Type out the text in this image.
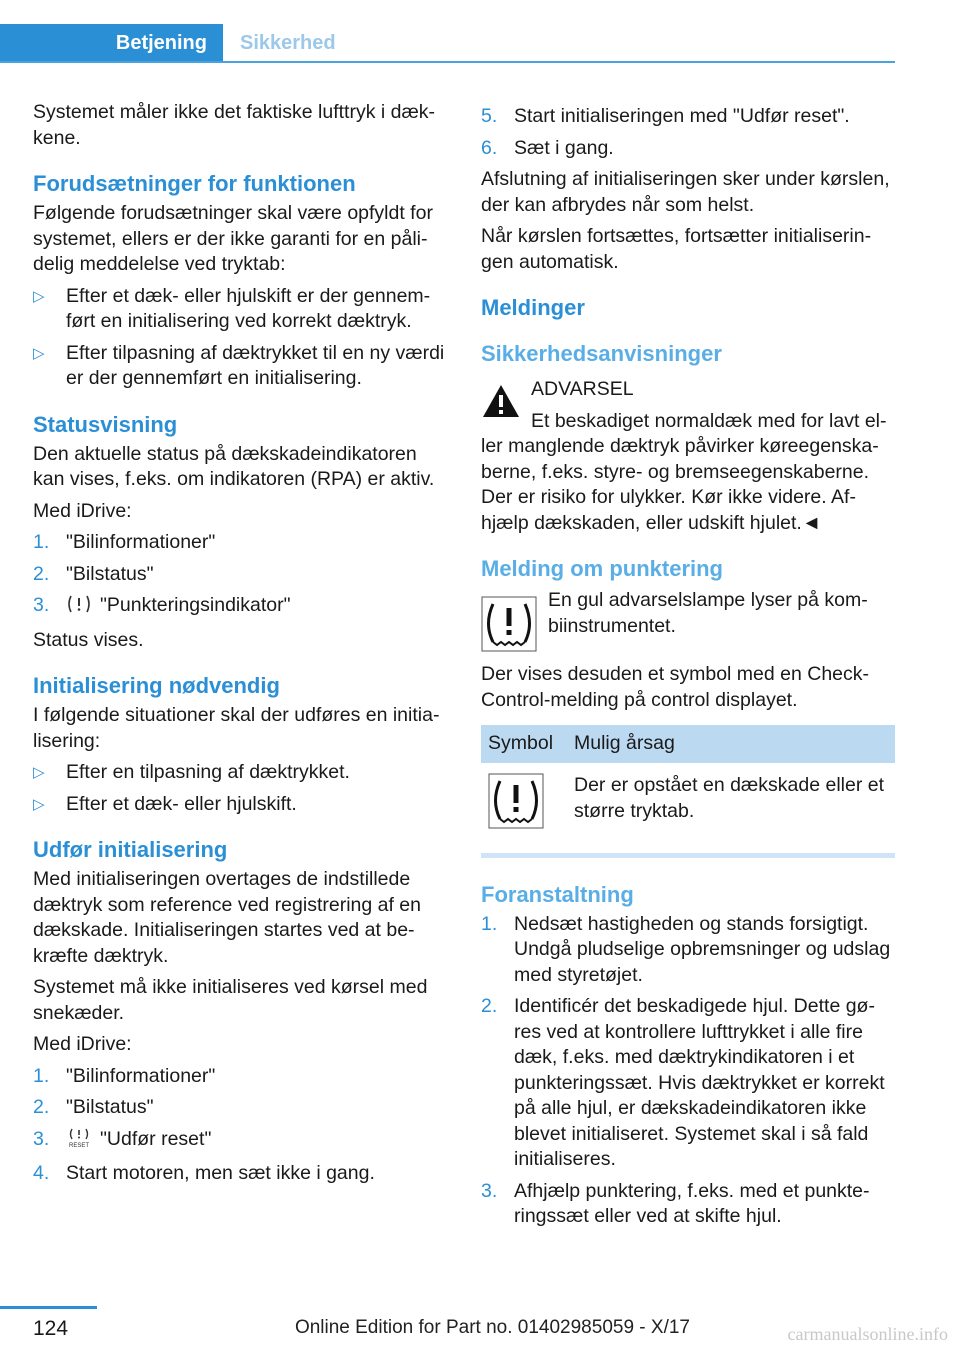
Betjening	Sikkerhed

Systemet måler ikke det faktiske lufttryk i dækkene.

Forudsætninger for funktionen

Følgende forudsætninger skal være opfyldt for systemet, ellers er der ikke garanti for en pålidelig meddelelse ved tryktab:

▷ Efter et dæk- eller hjulskift er der gennemført en initialisering ved korrekt dæktryk.
▷ Efter tilpasning af dæktrykket til en ny værdi er der gennemført en initialisering.
Statusvisning

Den aktuelle status på dækskadeindikatoren kan vises, f.eks. om indikatoren (RPA) er aktiv.

Med iDrive:

1. "Bilinformationer"
2. "Bilstatus"
3.	"Punkteringsindikator"

Status vises.

Initialisering nødvendig

I følgende situationer skal der udføres en initialisering:

▷ Efter en tilpasning af dæktrykket.
▷ Efter et dæk- eller hjulskift.
Udfør initialisering

Med initialiseringen overtages de indstillede dæktryk som reference ved registrering af en dækskade. Initialiseringen startes ved at bekræfte dæktryk.

Systemet må ikke initialiseres ved kørsel med snekæder.

Med iDrive:

1. "Bilinformationer"
2. "Bilstatus"
3.	RESET "Udfør reset"
4. Start motoren, men sæt ikke i gang.
5. Start initialiseringen med "Udfør reset".
6. Sæt i gang.

Afslutning af initialiseringen sker under kørslen, der kan afbrydes når som helst.

Når kørslen fortsættes, fortsætter initialiseringen automatisk.

Meldinger
Sikkerhedsanvisninger

ADVARSEL

Et beskadiget normaldæk med for lavt eller manglende dæktryk påvirker køreegenskaberne, f.eks. styre- og bremseegenskaberne. Der er risiko for ulykker. Kør ikke videre. Afhjælp dækskaden, eller udskift hjulet.◄

Melding om punktering

En gul advarselslampe lyser på kombiinstrumentet.

Der vises desuden et symbol med en Check-Control-melding på control displayet.

Symbol	Mulig årsag
	Der er opstået en dækskade eller et større tryktab.
Foranstaltning
1. Nedsæt hastigheden og stands forsigtigt. Undgå pludselige opbremsninger og udslag med styretøjet.
2. Identificér det beskadigede hjul. Dette gøres ved at kontrollere lufttrykket i alle fire dæk, f.eks. med dæktrykindikatoren i et punkteringssæt. Hvis dæktrykket er korrekt på alle hjul, er dækskadeindikatoren ikke blevet initialiseret. Systemet skal i så fald initialiseres.
3. Afhjælp punktering, f.eks. med et punkteringssæt eller ved at skifte hjul.
124	Online Edition for Part no. 01402985059 - X/17	carmanualsonline.info
